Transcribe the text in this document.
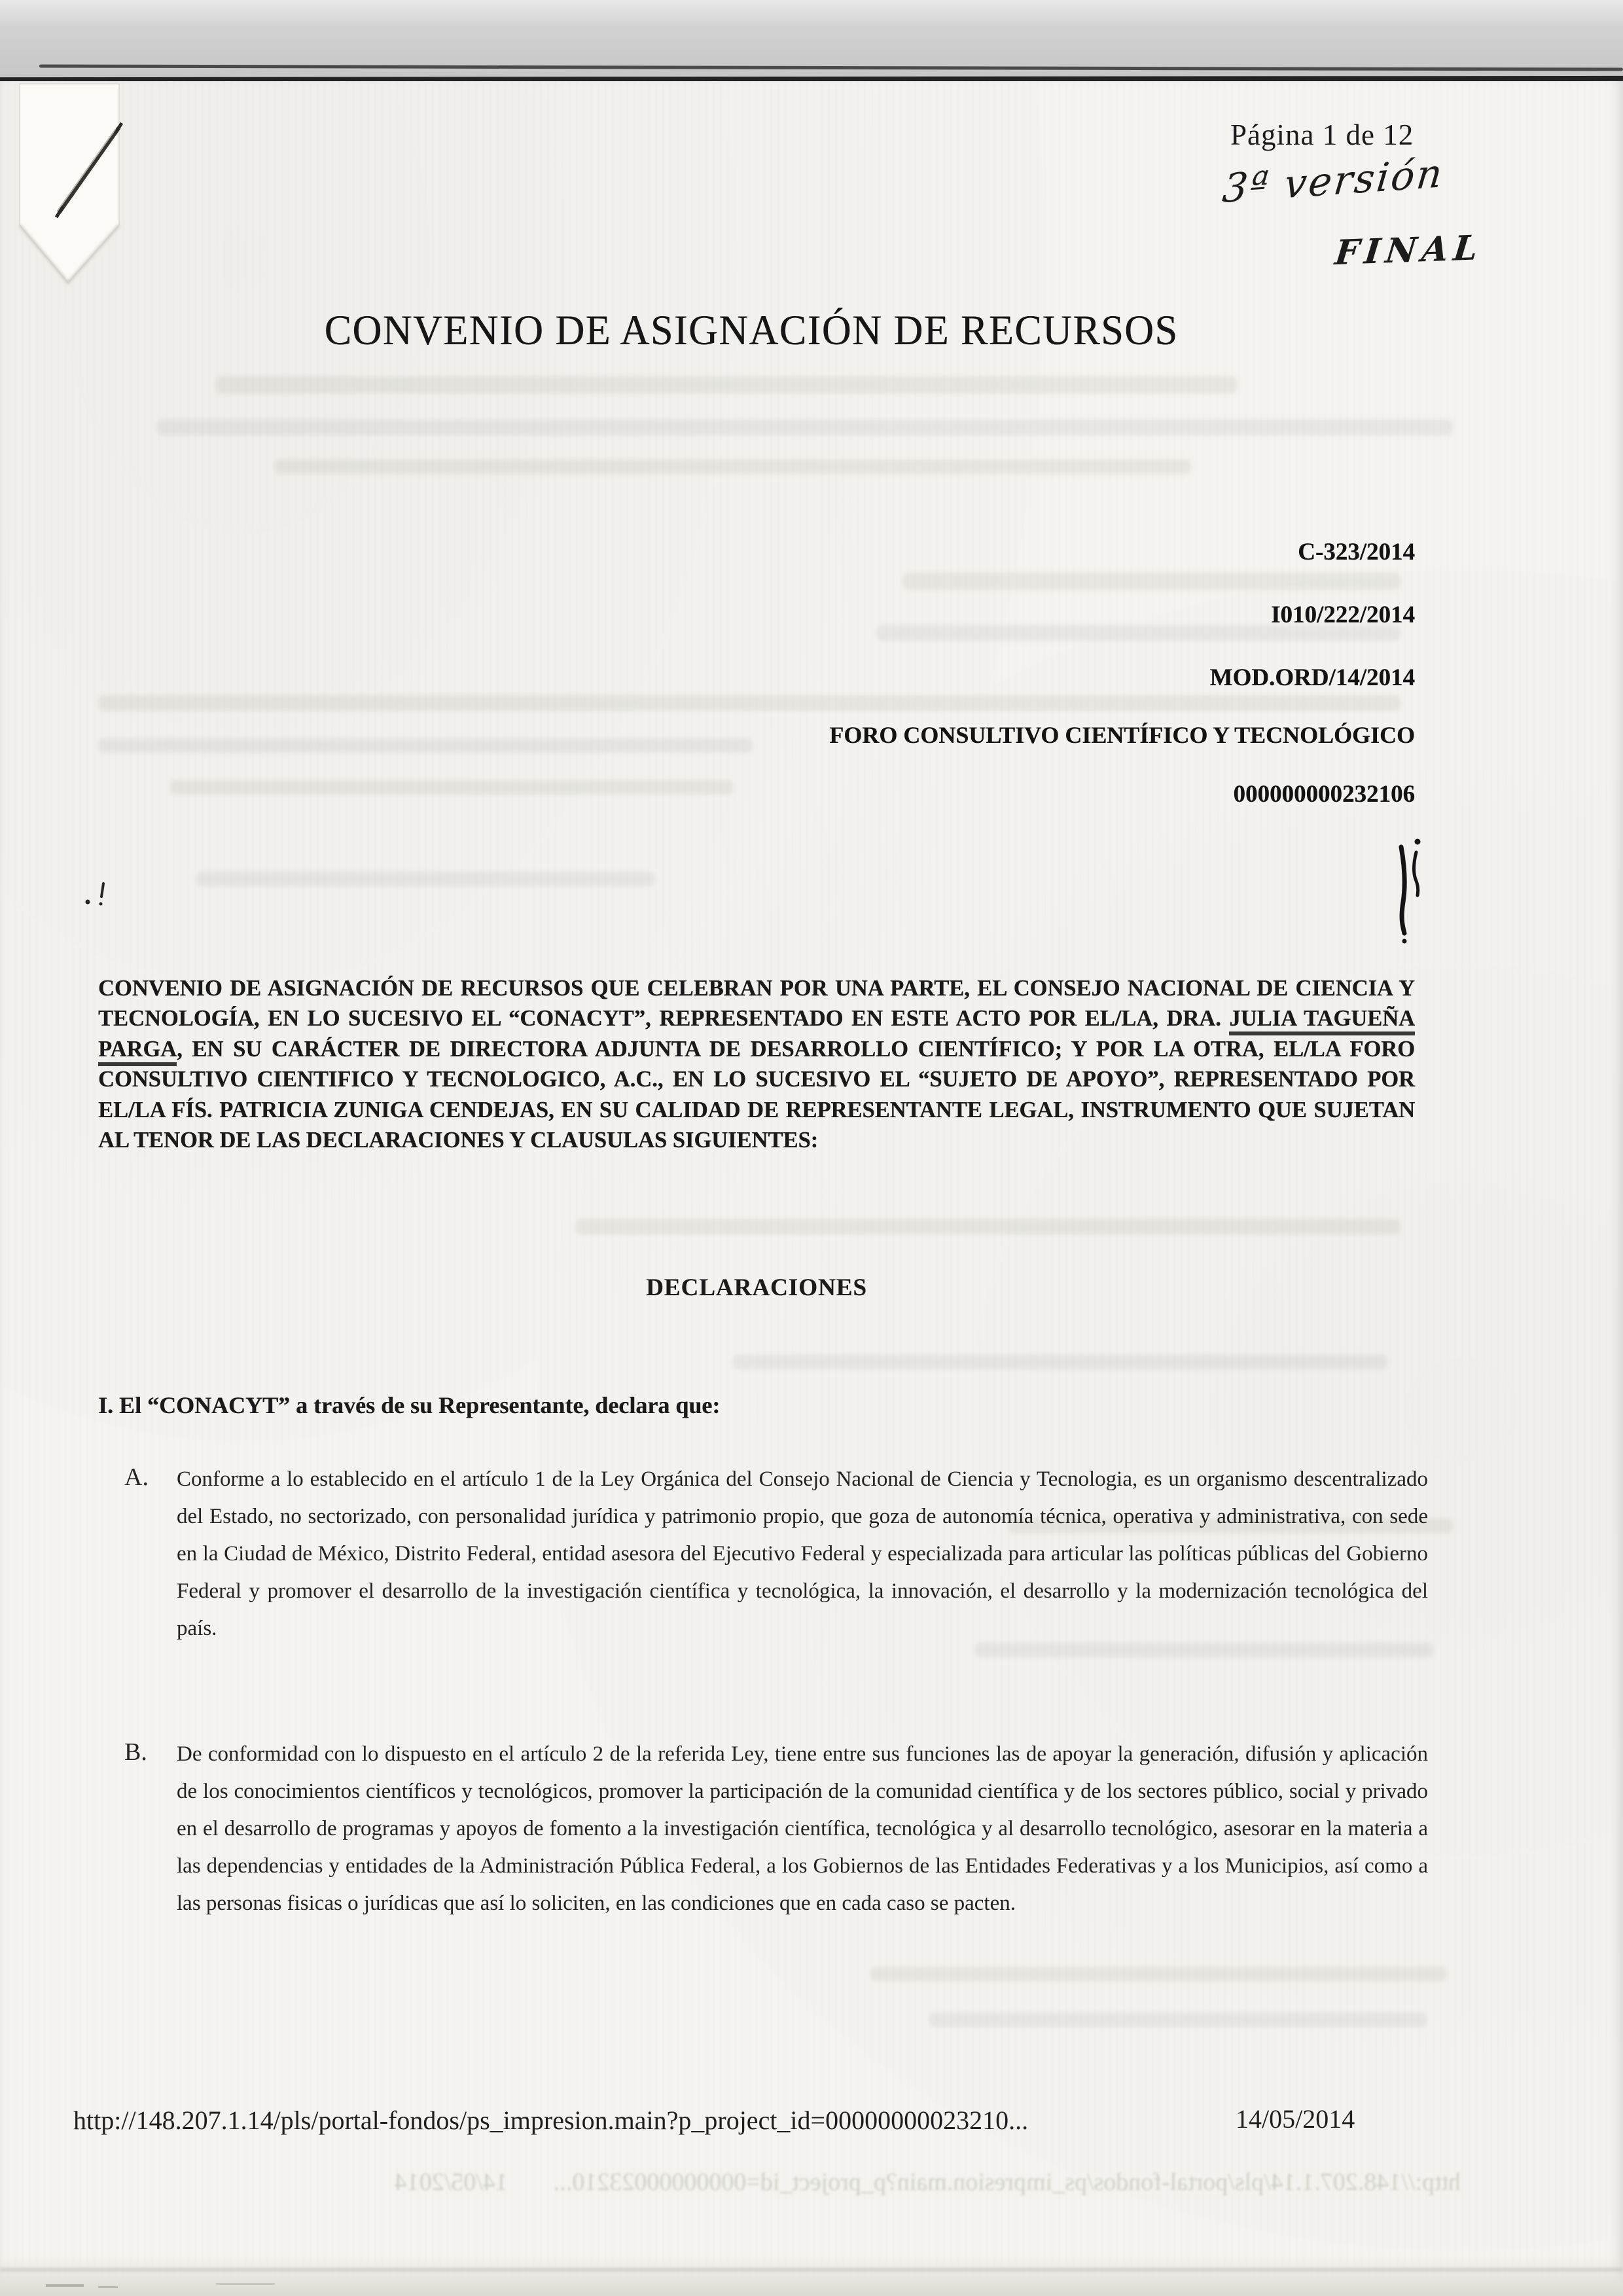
Página 1 de 12
3ª versión
FINAL
CONVENIO DE ASIGNACIÓN DE RECURSOS
C-323/2014
I010/222/2014
MOD.ORD/14/2014
FORO CONSULTIVO CIENTÍFICO Y TECNOLÓGICO
000000000232106

CONVENIO DE ASIGNACIÓN DE RECURSOS QUE CELEBRAN POR UNA PARTE, EL CONSEJO NACIONAL DE CIENCIA Y TECNOLOGÍA, EN LO SUCESIVO EL “CONACYT”, REPRESENTADO EN ESTE ACTO POR EL/LA, DRA. JULIA TAGUEÑA PARGA, EN SU CARÁCTER DE DIRECTORA ADJUNTA DE DESARROLLO CIENTÍFICO; Y POR LA OTRA, EL/LA FORO CONSULTIVO CIENTIFICO Y TECNOLOGICO, A.C., EN LO SUCESIVO EL “SUJETO DE APOYO”, REPRESENTADO POR EL/LA FÍS. PATRICIA ZUNIGA CENDEJAS, EN SU CALIDAD DE REPRESENTANTE LEGAL, INSTRUMENTO QUE SUJETAN AL TENOR DE LAS DECLARACIONES Y CLAUSULAS SIGUIENTES:

DECLARACIONES
I. El “CONACYT” a través de su Representante, declara que:
A. Conforme a lo establecido en el artículo 1 de la Ley Orgánica del Consejo Nacional de Ciencia y Tecnologia, es un organismo descentralizado del Estado, no sectorizado, con personalidad jurídica y patrimonio propio, que goza de autonomía técnica, operativa y administrativa, con sede en la Ciudad de México, Distrito Federal, entidad asesora del Ejecutivo Federal y especializada para articular las políticas públicas del Gobierno Federal y promover el desarrollo de la investigación científica y tecnológica, la innovación, el desarrollo y la modernización tecnológica del país.
B. De conformidad con lo dispuesto en el artículo 2 de la referida Ley, tiene entre sus funciones las de apoyar la generación, difusión y aplicación de los conocimientos científicos y tecnológicos, promover la participación de la comunidad científica y de los sectores público, social y privado en el desarrollo de programas y apoyos de fomento a la investigación científica, tecnológica y al desarrollo tecnológico, asesorar en la materia a las dependencias y entidades de la Administración Pública Federal, a los Gobiernos de las Entidades Federativas y a los Municipios, así como a las personas fisicas o jurídicas que así lo soliciten, en las condiciones que en cada caso se pacten.
http://148.207.1.14/pls/portal-fondos/ps_impresion.main?p_project_id=00000000023210...	14/05/2014
http://148.207.1.14/pls/portal-fondos/ps_impresion.main?p_project_id=00000000023210...14/05/2014
